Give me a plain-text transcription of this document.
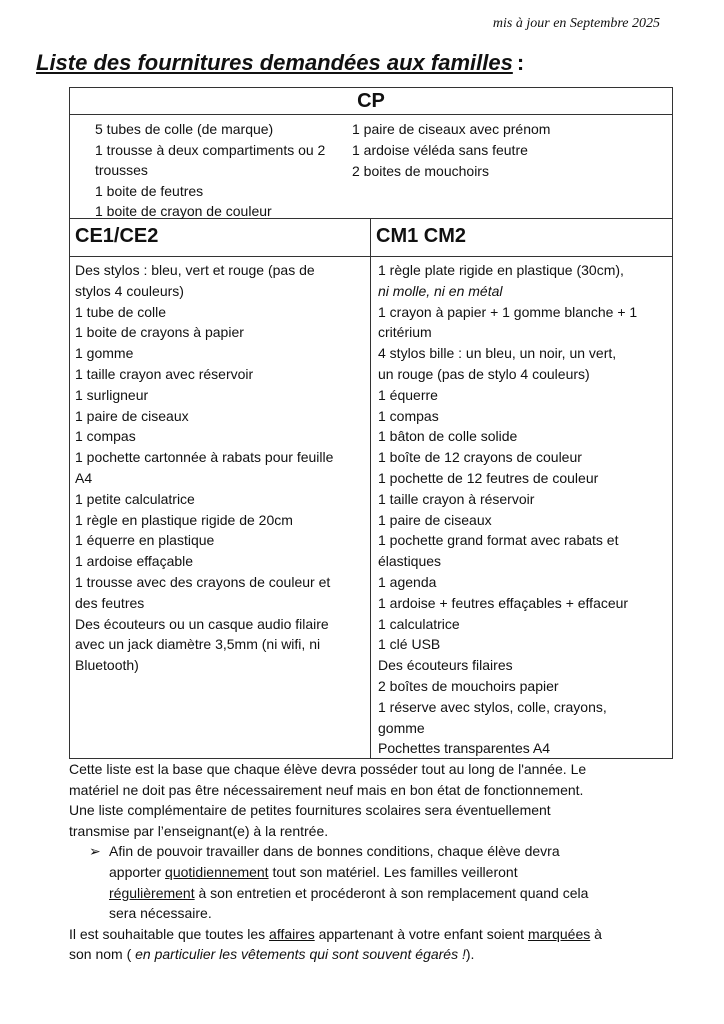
mis à jour en Septembre 2025
Liste des fournitures demandées aux familles :
CP
5 tubes de colle (de marque)
1 trousse à deux compartiments ou 2
trousses
1 boite de feutres
1 boite de crayon de couleur
1 paire de ciseaux avec prénom
1 ardoise véléda sans feutre
2 boites de mouchoirs
CE1/CE2	CM1 CM2
Des stylos : bleu, vert et rouge (pas de
stylos 4 couleurs)
1 tube de colle
1 boite de crayons à papier
1 gomme
1 taille crayon avec réservoir
1 surligneur
1 paire de ciseaux
1 compas
1 pochette cartonnée à rabats pour feuille
A4
1 petite calculatrice
1 règle en plastique rigide de 20cm
1 équerre en plastique
1 ardoise effaçable
1 trousse avec des crayons de couleur et
des feutres
Des écouteurs ou un casque audio filaire
avec un jack diamètre 3,5mm (ni wifi, ni
Bluetooth)
1 règle plate rigide en plastique (30cm),
ni molle, ni en métal
1 crayon à papier + 1 gomme blanche + 1
critérium
4 stylos bille : un bleu, un noir, un vert,
un rouge (pas de stylo 4 couleurs)
1 équerre
1 compas
1 bâton de colle solide
1 boîte de 12 crayons de couleur
1 pochette de 12 feutres de couleur
1 taille crayon à réservoir
1 paire de ciseaux
1 pochette grand format avec rabats et
élastiques
1 agenda
1 ardoise + feutres effaçables + effaceur
1 calculatrice
1 clé USB
Des écouteurs filaires
2 boîtes de mouchoirs papier
1 réserve avec stylos, colle, crayons,
gomme
Pochettes transparentes A4

Cette liste est la base que chaque élève devra posséder tout au long de l'année. Le

matériel ne doit pas être nécessairement neuf mais en bon état de fonctionnement.

Une liste complémentaire de petites fournitures scolaires sera éventuellement

transmise par l’enseignant(e) à la rentrée.

➢ Afin de pouvoir travailler dans de bonnes conditions, chaque élève devra

apporter quotidiennement tout son matériel. Les familles veilleront

régulièrement à son entretien et procéderont à son remplacement quand cela

sera nécessaire.

Il est souhaitable que toutes les affaires appartenant à votre enfant soient marquées à

son nom ( en particulier les vêtements qui sont souvent égarés !).
